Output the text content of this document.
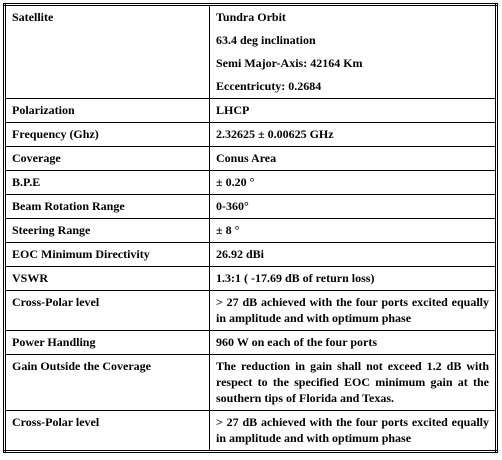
Satellite	Tundra Orbit
63.4 deg inclination
Semi Major-Axis: 42164 Km
Eccentricuty: 0.2684

Polarization	LHCP
Frequency (Ghz)	2.32625 ± 0.00625 GHz
Coverage	Conus Area
B.P.E	± 0.20 °
Beam Rotation Range	0-360°
Steering Range	± 8 °
EOC Minimum Directivity	26.92 dBi
VSWR	1.3:1 ( -17.69 dB of return loss)
Cross-Polar level	> 27 dB achieved with the four ports excited equally in amplitude and with optimum phase
Power Handling	960 W on each of the four ports
Gain Outside the Coverage	The reduction in gain shall not exceed 1.2 dB with respect to the specified EOC minimum gain at the southern tips of Florida and Texas.
Cross-Polar level	> 27 dB achieved with the four ports excited equally in amplitude and with optimum phase
